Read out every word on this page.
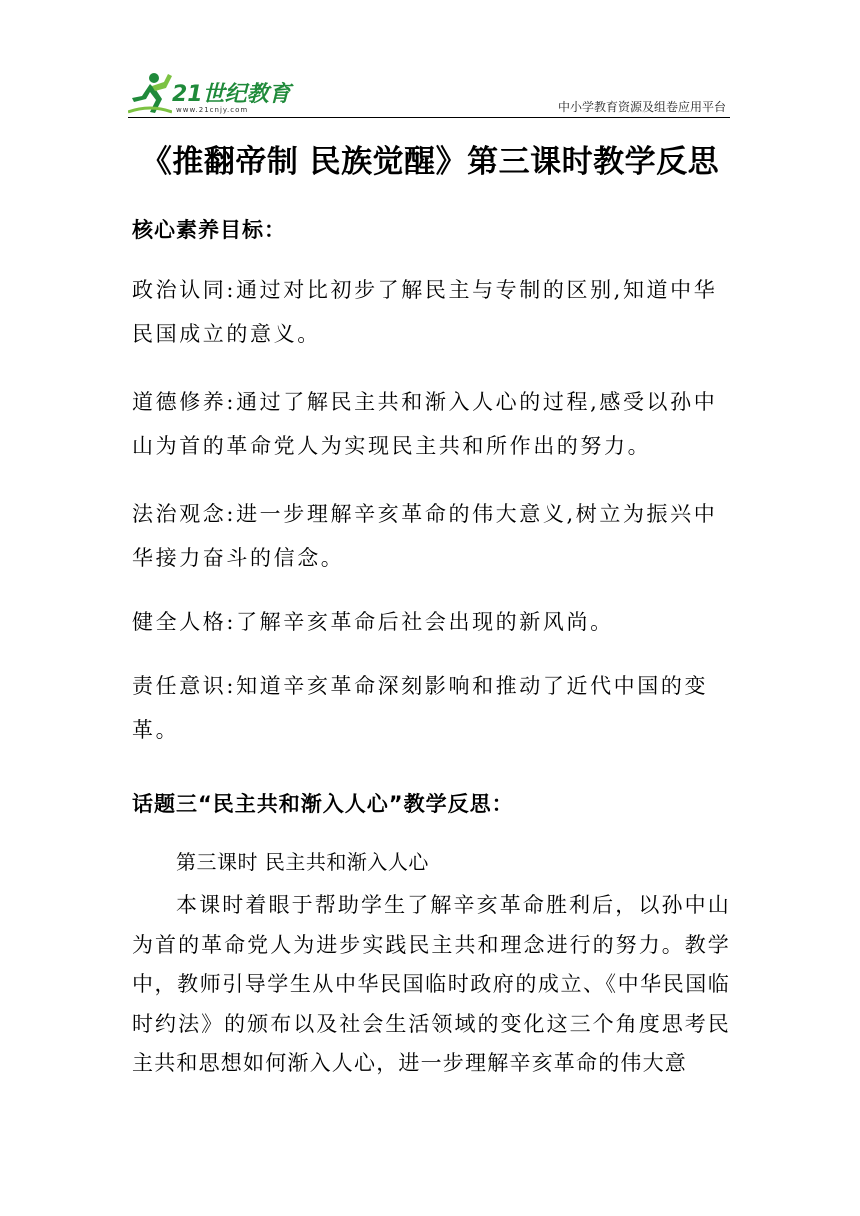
21世纪教育
www.21cnjy.com	中小学教育资源及组卷应用平台
《推翻帝制 民族觉醒》第三课时教学反思
核心素养目标：
政治认同:通过对比初步了解民主与专制的区别,知道中华民国成立的意义。
道德修养:通过了解民主共和渐入人心的过程,感受以孙中山为首的革命党人为实现民主共和所作出的努力。
法治观念:进一步理解辛亥革命的伟大意义,树立为振兴中华接力奋斗的信念。
健全人格:了解辛亥革命后社会出现的新风尚。
责任意识:知道辛亥革命深刻影响和推动了近代中国的变革。
话题三“民主共和渐入人心”教学反思：
第三课时 民主共和渐入人心
本课时着眼于帮助学生了解辛亥革命胜利后，以孙中山为首的革命党人为进步实践民主共和理念进行的努力。教学中，教师引导学生从中华民国临时政府的成立、《中华民国临时约法》的颁布以及社会生活领域的变化这三个角度思考民主共和思想如何渐入人心，进一步理解辛亥革命的伟大意
